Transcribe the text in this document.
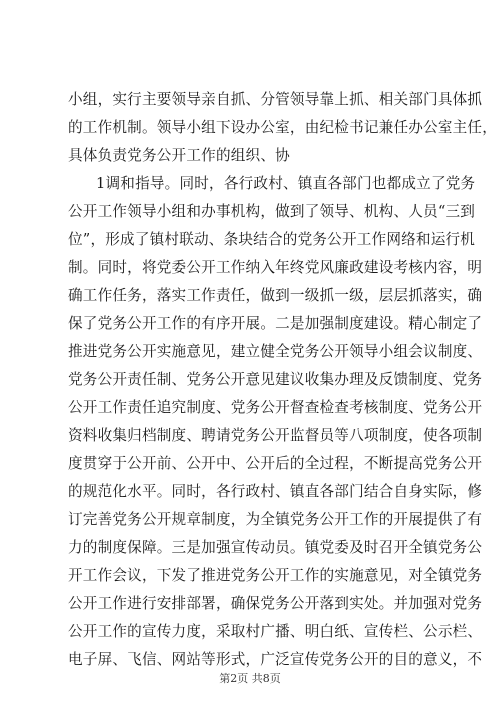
小组，实行主要领导亲自抓、分管领导靠上抓、相关部门具体抓
的工作机制。领导小组下设办公室，由纪检书记兼任办公室主任，
具体负责党务公开工作的组织、协
1调和指导。同时，各行政村、镇直各部门也都成立了党务
公开工作领导小组和办事机构，做到了领导、机构、人员“三到
位”，形成了镇村联动、条块结合的党务公开工作网络和运行机
制。同时，将党委公开工作纳入年终党风廉政建设考核内容，明
确工作任务，落实工作责任，做到一级抓一级，层层抓落实，确
保了党务公开工作的有序开展。二是加强制度建设。精心制定了
推进党务公开实施意见，建立健全党务公开领导小组会议制度、
党务公开责任制、党务公开意见建议收集办理及反馈制度、党务
公开工作责任追究制度、党务公开督查检查考核制度、党务公开
资料收集归档制度、聘请党务公开监督员等八项制度，使各项制
度贯穿于公开前、公开中、公开后的全过程，不断提高党务公开
的规范化水平。同时，各行政村、镇直各部门结合自身实际，修
订完善党务公开规章制度，为全镇党务公开工作的开展提供了有
力的制度保障。三是加强宣传动员。镇党委及时召开全镇党务公
开工作会议，下发了推进党务公开工作的实施意见，对全镇党务
公开工作进行安排部署，确保党务公开落到实处。并加强对党务
公开工作的宣传力度，采取村广播、明白纸、宣传栏、公示栏、
电子屏、飞信、网站等形式，广泛宣传党务公开的目的意义，不
第2页 共8页
